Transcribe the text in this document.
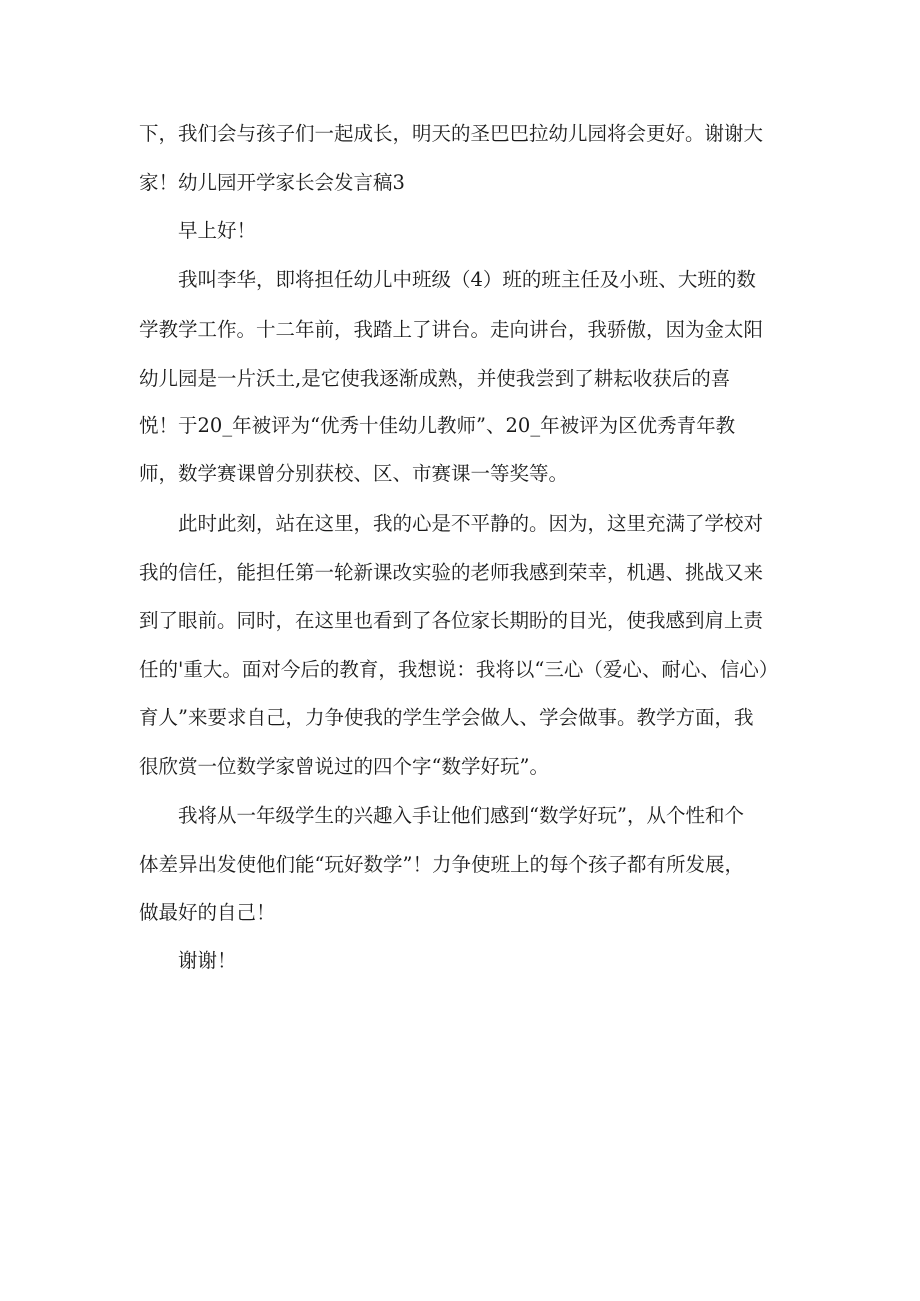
下，我们会与孩子们一起成长，明天的圣巴巴拉幼儿园将会更好。谢谢大

家！幼儿园开学家长会发言稿3

早上好！

我叫李华，即将担任幼儿中班级（4）班的班主任及小班、大班的数

学教学工作。十二年前，我踏上了讲台。走向讲台，我骄傲，因为金太阳

幼儿园是一片沃土,是它使我逐渐成熟，并使我尝到了耕耘收获后的喜

悦！于20_年被评为“优秀十佳幼儿教师”、20_年被评为区优秀青年教

师，数学赛课曾分别获校、区、市赛课一等奖等。

此时此刻，站在这里，我的心是不平静的。因为，这里充满了学校对

我的信任，能担任第一轮新课改实验的老师我感到荣幸，机遇、挑战又来

到了眼前。同时，在这里也看到了各位家长期盼的目光，使我感到肩上责

任的'重大。面对今后的教育，我想说：我将以“三心（爱心、耐心、信心）

育人”来要求自己，力争使我的学生学会做人、学会做事。教学方面，我

很欣赏一位数学家曾说过的四个字“数学好玩”。

我将从一年级学生的兴趣入手让他们感到“数学好玩”，从个性和个

体差异出发使他们能“玩好数学”！力争使班上的每个孩子都有所发展，

做最好的自己！

谢谢！
